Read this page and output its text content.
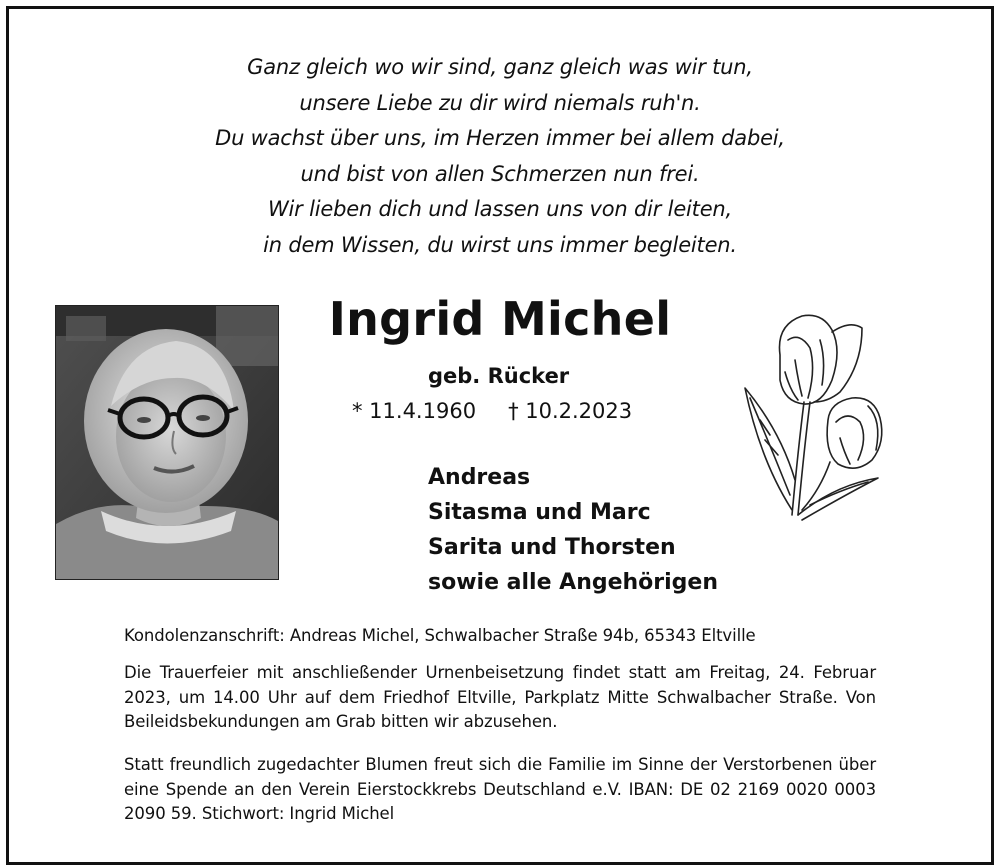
Ganz gleich wo wir sind, ganz gleich was wir tun,
unsere Liebe zu dir wird niemals ruh'n.
Du wachst über uns, im Herzen immer bei allem dabei,
und bist von allen Schmerzen nun frei.
Wir lieben dich und lassen uns von dir leiten,
in dem Wissen, du wirst uns immer begleiten.
Ingrid Michel
geb. Rücker
* 11.4.1960 † 10.2.2023
Andreas
Sitasma und Marc
Sarita und Thorsten
sowie alle Angehörigen

Kondolenzanschrift: Andreas Michel, Schwalbacher Straße 94b, 65343 Eltville

Die Trauerfeier mit anschließender Urnenbeisetzung findet statt am Freitag, 24. Februar 2023, um 14.00 Uhr auf dem Friedhof Eltville, Parkplatz Mitte Schwalbacher Straße. Von Beileidsbekundungen am Grab bitten wir abzusehen.

Statt freundlich zugedachter Blumen freut sich die Familie im Sinne der Verstorbenen über eine Spende an den Verein Eierstockkrebs Deutschland e.V. IBAN: DE 02 2169 0020 0003 2090 59. Stichwort: Ingrid Michel
